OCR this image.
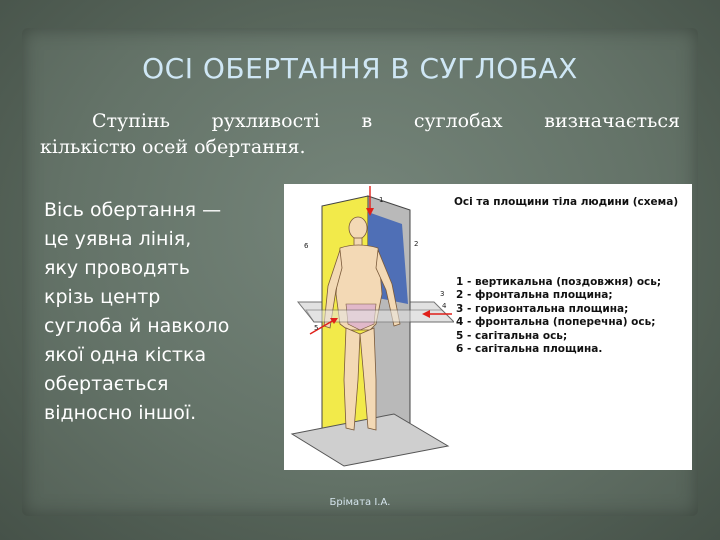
ОСІ ОБЕРТАННЯ В СУГЛОБАХ
Ступінь рухливості в суглобах визначається
кількістю осей обертання.
Вісь обертання —
це уявна лінія,
яку проводять
крізь центр
суглоба й навколо
якої одна кістка
обертається
відносно іншої.
1
2
3
4
5
6
Осі та площини тіла людини (схема)
1 - вертикальна (поздовжня) ось;
2 - фронтальна площина;
3 - горизонтальна площина;
4 - фронтальна (поперечна) ось;
5 - сагітальна ось;
6 - сагітальна площина.
Брімата І.А.
